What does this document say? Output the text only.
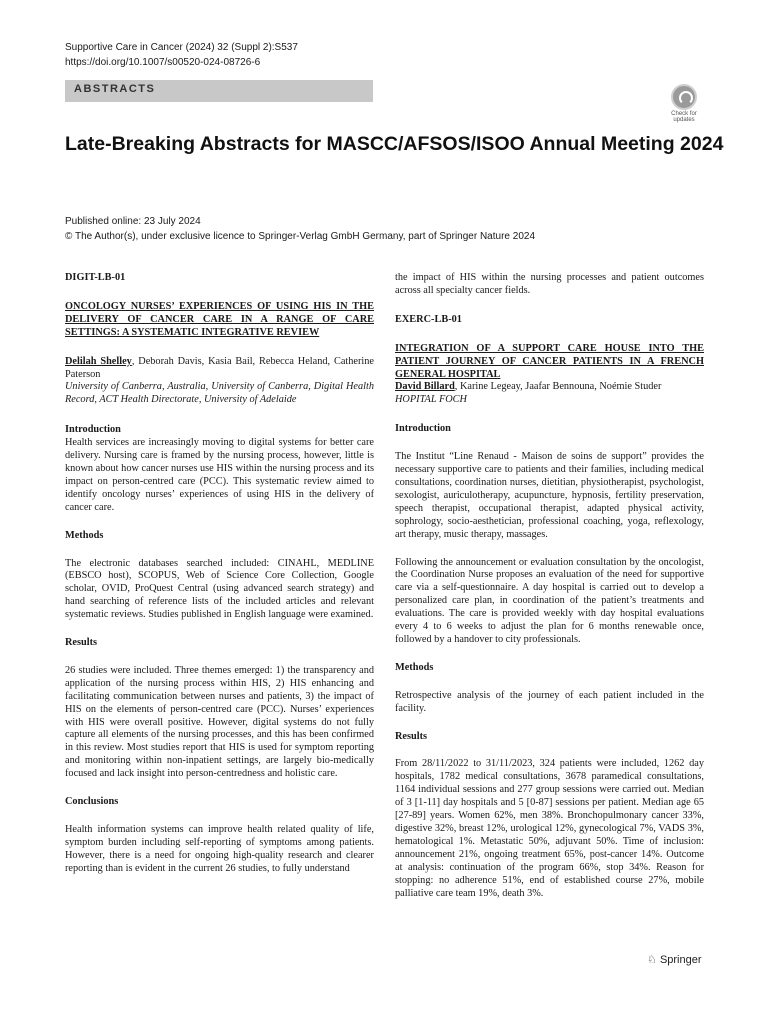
Supportive Care in Cancer (2024) 32 (Suppl 2):S537
https://doi.org/10.1007/s00520-024-08726-6
ABSTRACTS
Check for updates
Late-Breaking Abstracts for MASCC/AFSOS/ISOO Annual Meeting 2024
Published online: 23 July 2024
© The Author(s), under exclusive licence to Springer-Verlag GmbH Germany, part of Springer Nature 2024

DIGIT-LB-01

ONCOLOGY NURSES’ EXPERIENCES OF USING HIS IN THE DELIVERY OF CANCER CARE IN A RANGE OF CARE SETTINGS: A SYSTEMATIC INTEGRATIVE REVIEW

Delilah Shelley, Deborah Davis, Kasia Bail, Rebecca Heland, Catherine Paterson

University of Canberra, Australia, University of Canberra, Digital Health Record, ACT Health Directorate, University of Adelaide

Introduction

Health services are increasingly moving to digital systems for better care delivery. Nursing care is framed by the nursing process, however, little is known about how cancer nurses use HIS within the nursing process and its impact on person-centred care (PCC). This systematic review aimed to identify oncology nurses’ experiences of using HIS in the delivery of cancer care.

Methods

The electronic databases searched included: CINAHL, MEDLINE (EBSCO host), SCOPUS, Web of Science Core Collection, Google scholar, OVID, ProQuest Central (using advanced search strategy) and hand searching of reference lists of the included articles and relevant systematic reviews. Studies published in English language were examined.

Results

26 studies were included. Three themes emerged: 1) the transparency and application of the nursing process within HIS, 2) HIS enhancing and facilitating communication between nurses and patients, 3) the impact of HIS on the elements of person-centred care (PCC). Nurses’ experiences with HIS were overall positive. However, digital systems do not fully capture all elements of the nursing processes, and this has been confirmed in this review. Most studies report that HIS is used for symptom reporting and monitoring within non-inpatient settings, are largely bio-medically focused and lack insight into person-centredness and holistic care.

Conclusions

Health information systems can improve health related quality of life, symptom burden including self-reporting of symptoms among patients. However, there is a need for ongoing high-quality research and clearer reporting than is evident in the current 26 studies, to fully understand

the impact of HIS within the nursing processes and patient outcomes across all specialty cancer fields.

EXERC-LB-01

INTEGRATION OF A SUPPORT CARE HOUSE INTO THE PATIENT JOURNEY OF CANCER PATIENTS IN A FRENCH GENERAL HOSPITAL

David Billard, Karine Legeay, Jaafar Bennouna, Noémie Studer

HOPITAL FOCH

Introduction

The Institut “Line Renaud - Maison de soins de support” provides the necessary supportive care to patients and their families, including medical consultations, coordination nurses, dietitian, physiotherapist, psychologist, sexologist, auriculotherapy, acupuncture, hypnosis, fertility preservation, speech therapist, occupational therapist, adapted physical activity, sophrology, socio-aesthetician, professional coaching, yoga, reflexology, art therapy, music therapy, massages.

Following the announcement or evaluation consultation by the oncologist, the Coordination Nurse proposes an evaluation of the need for supportive care via a self-questionnaire. A day hospital is carried out to develop a personalized care plan, in coordination of the patient’s treatments and evaluations. The care is provided weekly with day hospital evaluations every 4 to 6 weeks to adjust the plan for 6 months renewable once, followed by a handover to city professionals.

Methods

Retrospective analysis of the journey of each patient included in the facility.

Results

From 28/11/2022 to 31/11/2023, 324 patients were included, 1262 day hospitals, 1782 medical consultations, 3678 paramedical consultations, 1164 individual sessions and 277 group sessions were carried out. Median of 3 [1-11] day hospitals and 5 [0-87] sessions per patient. Median age 65 [27-89] years. Women 62%, men 38%. Bronchopulmonary cancer 33%, digestive 32%, breast 12%, urological 12%, gynecological 7%, VADS 3%, hematological 1%. Metastatic 50%, adjuvant 50%. Time of inclusion: announcement 21%, ongoing treatment 65%, post-cancer 14%. Outcome at analysis: continuation of the program 66%, stop 34%. Reason for stopping: no adherence 51%, end of established course 27%, mobile palliative care team 19%, death 3%.

♘ Springer
